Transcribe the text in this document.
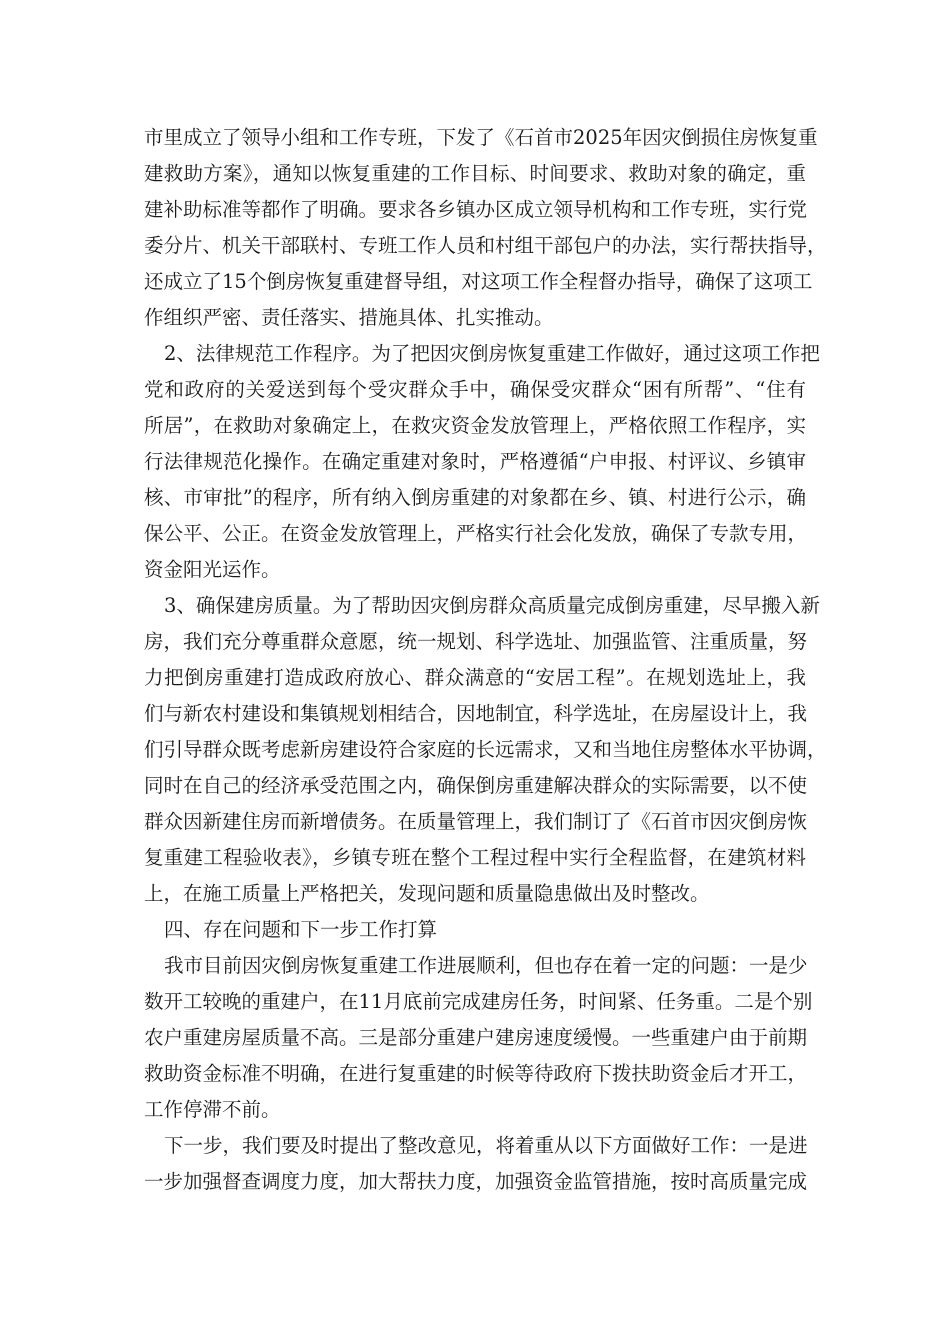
市里成立了领导小组和工作专班，下发了《石首市2025年因灾倒损住房恢复重
建救助方案》，通知以恢复重建的工作目标、时间要求、救助对象的确定，重
建补助标准等都作了明确。要求各乡镇办区成立领导机构和工作专班，实行党
委分片、机关干部联村、专班工作人员和村组干部包户的办法，实行帮扶指导，
还成立了15个倒房恢复重建督导组，对这项工作全程督办指导，确保了这项工
作组织严密、责任落实、措施具体、扎实推动。
2、法律规范工作程序。为了把因灾倒房恢复重建工作做好，通过这项工作把
党和政府的关爱送到每个受灾群众手中，确保受灾群众“困有所帮”、“住有
所居”，在救助对象确定上，在救灾资金发放管理上，严格依照工作程序，实
行法律规范化操作。在确定重建对象时，严格遵循“户申报、村评议、乡镇审
核、市审批”的程序，所有纳入倒房重建的对象都在乡、镇、村进行公示，确
保公平、公正。在资金发放管理上，严格实行社会化发放，确保了专款专用，
资金阳光运作。
3、确保建房质量。为了帮助因灾倒房群众高质量完成倒房重建，尽早搬入新
房，我们充分尊重群众意愿，统一规划、科学选址、加强监管、注重质量，努
力把倒房重建打造成政府放心、群众满意的“安居工程”。在规划选址上，我
们与新农村建设和集镇规划相结合，因地制宜，科学选址，在房屋设计上，我
们引导群众既考虑新房建设符合家庭的长远需求，又和当地住房整体水平协调，
同时在自己的经济承受范围之内，确保倒房重建解决群众的实际需要，以不使
群众因新建住房而新增债务。在质量管理上，我们制订了《石首市因灾倒房恢
复重建工程验收表》，乡镇专班在整个工程过程中实行全程监督，在建筑材料
上，在施工质量上严格把关，发现问题和质量隐患做出及时整改。
四、存在问题和下一步工作打算
我市目前因灾倒房恢复重建工作进展顺利，但也存在着一定的问题：一是少
数开工较晚的重建户，在11月底前完成建房任务，时间紧、任务重。二是个别
农户重建房屋质量不高。三是部分重建户建房速度缓慢。一些重建户由于前期
救助资金标准不明确，在进行复重建的时候等待政府下拨扶助资金后才开工，
工作停滞不前。
下一步，我们要及时提出了整改意见，将着重从以下方面做好工作：一是进
一步加强督查调度力度，加大帮扶力度，加强资金监管措施，按时高质量完成
